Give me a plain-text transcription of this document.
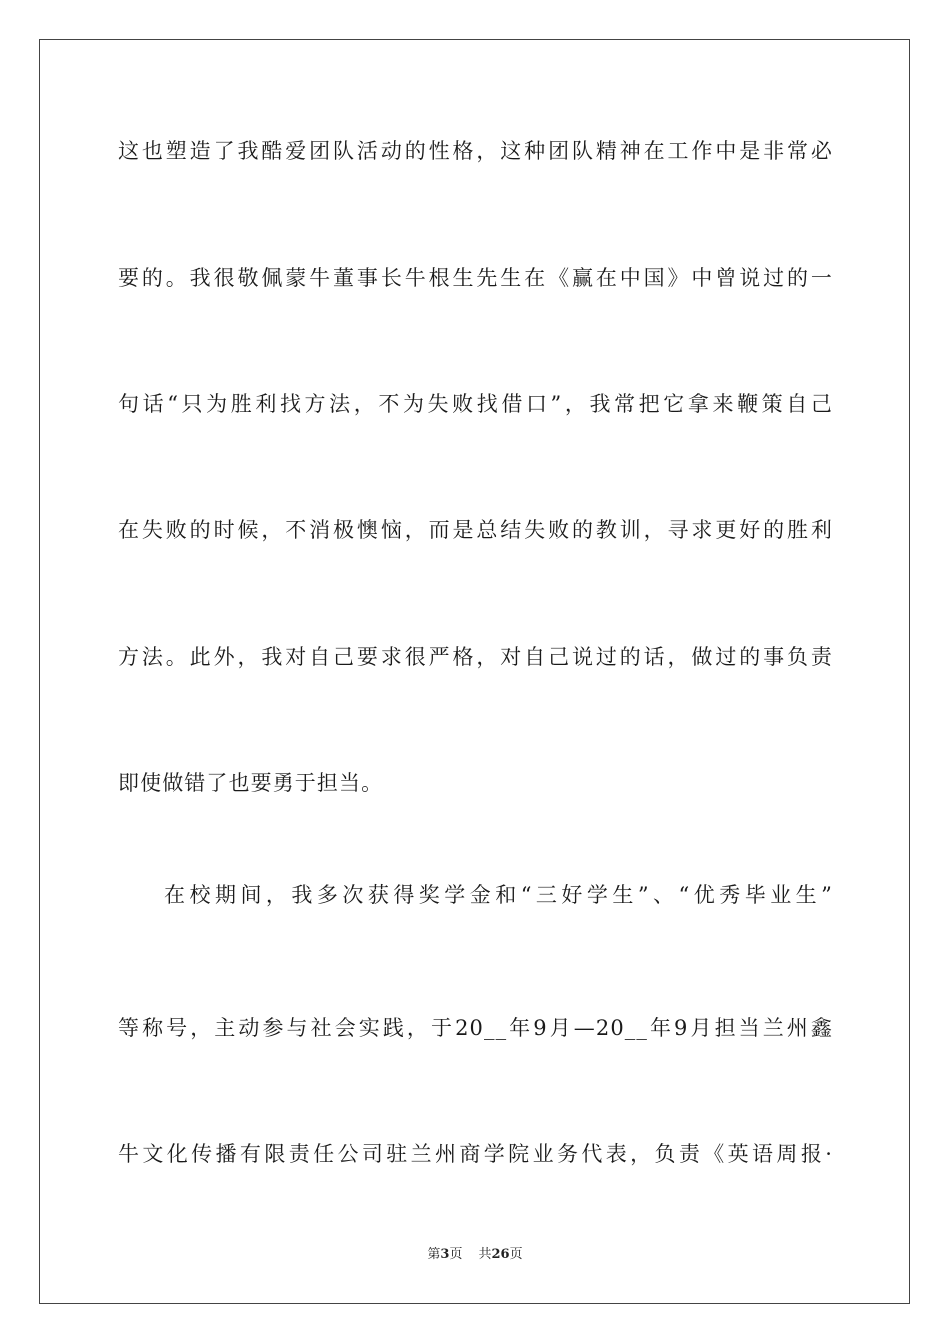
这也塑造了我酷爱团队活动的性格，这种团队精神在工作中是非常必
要的。我很敬佩蒙牛董事长牛根生先生在《赢在中国》中曾说过的一
句话“只为胜利找方法，不为失败找借口”，我常把它拿来鞭策自己
在失败的时候，不消极懊恼，而是总结失败的教训，寻求更好的胜利
方法。此外，我对自己要求很严格，对自己说过的话，做过的事负责
即使做错了也要勇于担当。
在校期间，我多次获得奖学金和“三好学生”、“优秀毕业生”
等称号，主动参与社会实践，于20__年9月—20__年9月担当兰州鑫
牛文化传播有限责任公司驻兰州商学院业务代表，负责《英语周报·
第3页 共26页
